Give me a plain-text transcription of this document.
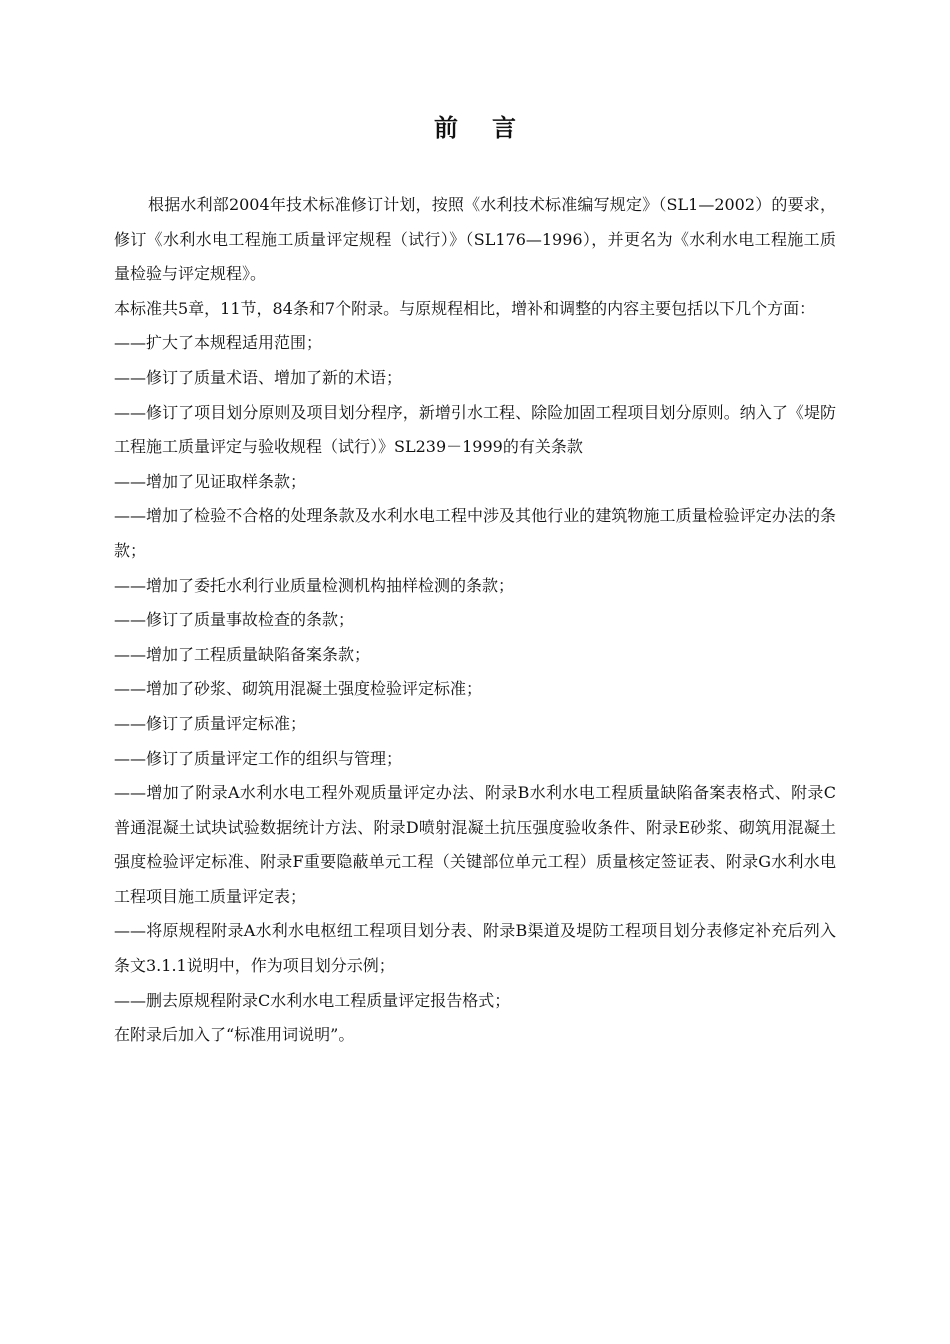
前言

根据水利部2004年技术标准修订计划，按照《水利技术标准编写规定》（SL1—2002）的要求，修订《水利水电工程施工质量评定规程（试行）》（SL176—1996），并更名为《水利水电工程施工质量检验与评定规程》。

本标准共5章，11节，84条和7个附录。与原规程相比，增补和调整的内容主要包括以下几个方面：

——扩大了本规程适用范围；

——修订了质量术语、增加了新的术语；

——修订了项目划分原则及项目划分程序，新增引水工程、除险加固工程项目划分原则。纳入了《堤防工程施工质量评定与验收规程（试行）》SL239－1999的有关条款

——增加了见证取样条款；

——增加了检验不合格的处理条款及水利水电工程中涉及其他行业的建筑物施工质量检验评定办法的条款；

——增加了委托水利行业质量检测机构抽样检测的条款；

——修订了质量事故检查的条款；

——增加了工程质量缺陷备案条款；

——增加了砂浆、砌筑用混凝土强度检验评定标准；

——修订了质量评定标准；

——修订了质量评定工作的组织与管理；

——增加了附录A水利水电工程外观质量评定办法、附录B水利水电工程质量缺陷备案表格式、附录C普通混凝土试块试验数据统计方法、附录D喷射混凝土抗压强度验收条件、附录E砂浆、砌筑用混凝土强度检验评定标准、附录F重要隐蔽单元工程（关键部位单元工程）质量核定签证表、附录G水利水电工程项目施工质量评定表；

——将原规程附录A水利水电枢纽工程项目划分表、附录B渠道及堤防工程项目划分表修定补充后列入条文3.1.1说明中，作为项目划分示例；

——删去原规程附录C水利水电工程质量评定报告格式；

在附录后加入了“标准用词说明”。
